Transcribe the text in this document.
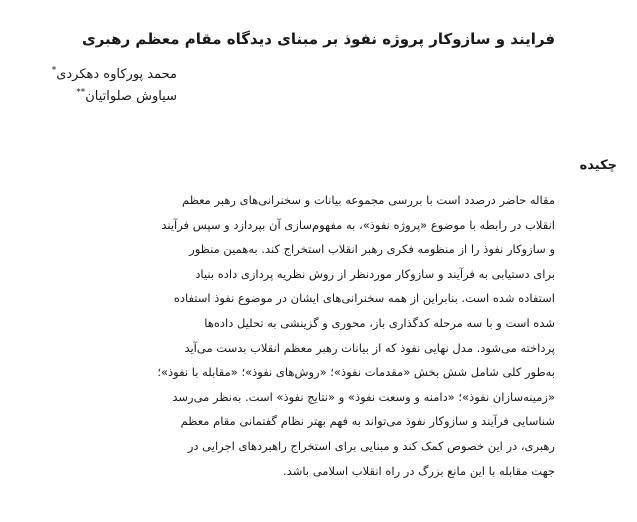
فرایند و سازوکار پروژه نفوذ بر مبنای دیدگاه مقام معظم رهبری
محمد پورکاوه دهکردی*
سیاوش صلواتیان**
چکیده
مقاله حاضر درصدد است با بررسی مجموعه بیانات و سخنرانی‌های رهبر معظم
انقلاب در رابطه با موضوع «پروژه نفوذ»، به مفهوم‌سازی آن بپردازد و سپس فرآیند
و سازوکار نفوذ را از منظومه فکری رهبر انقلاب استخراج کند. به‌همین منظور
برای دستیابی به فرآیند و سازوکار موردنظر از روش نظریه پردازی داده بنیاد
استفاده شده است. بنابراین از همه سخنرانی‌های ایشان در موضوع نفوذ استفاده
شده است و با سه مرحله کدگذاری باز، محوری و گزینشی به تحلیل داده‌ها
پرداخته می‌شود. مدل نهایی نفوذ که از بیانات رهبر معظم انقلاب بدست می‌آید
به‌طور کلی شامل شش بخش «مقدمات نفوذ»؛ «روش‌های نفوذ»؛ «مقابله با نفوذ»؛
«زمینه‌سازان نفوذ»؛ «دامنه و وسعت نفوذ» و «نتایج نفوذ» است. به‌نظر می‌رسد
شناسایی فرآیند و سازوکار نفوذ می‌تواند به فهم بهتر نظام گفتمانی مقام معظم
رهبری، در این خصوص کمک کند و مبنایی برای استخراج راهبردهای اجرایی در
جهت مقابله با این مانع بزرگ در راه انقلاب اسلامی باشد.
